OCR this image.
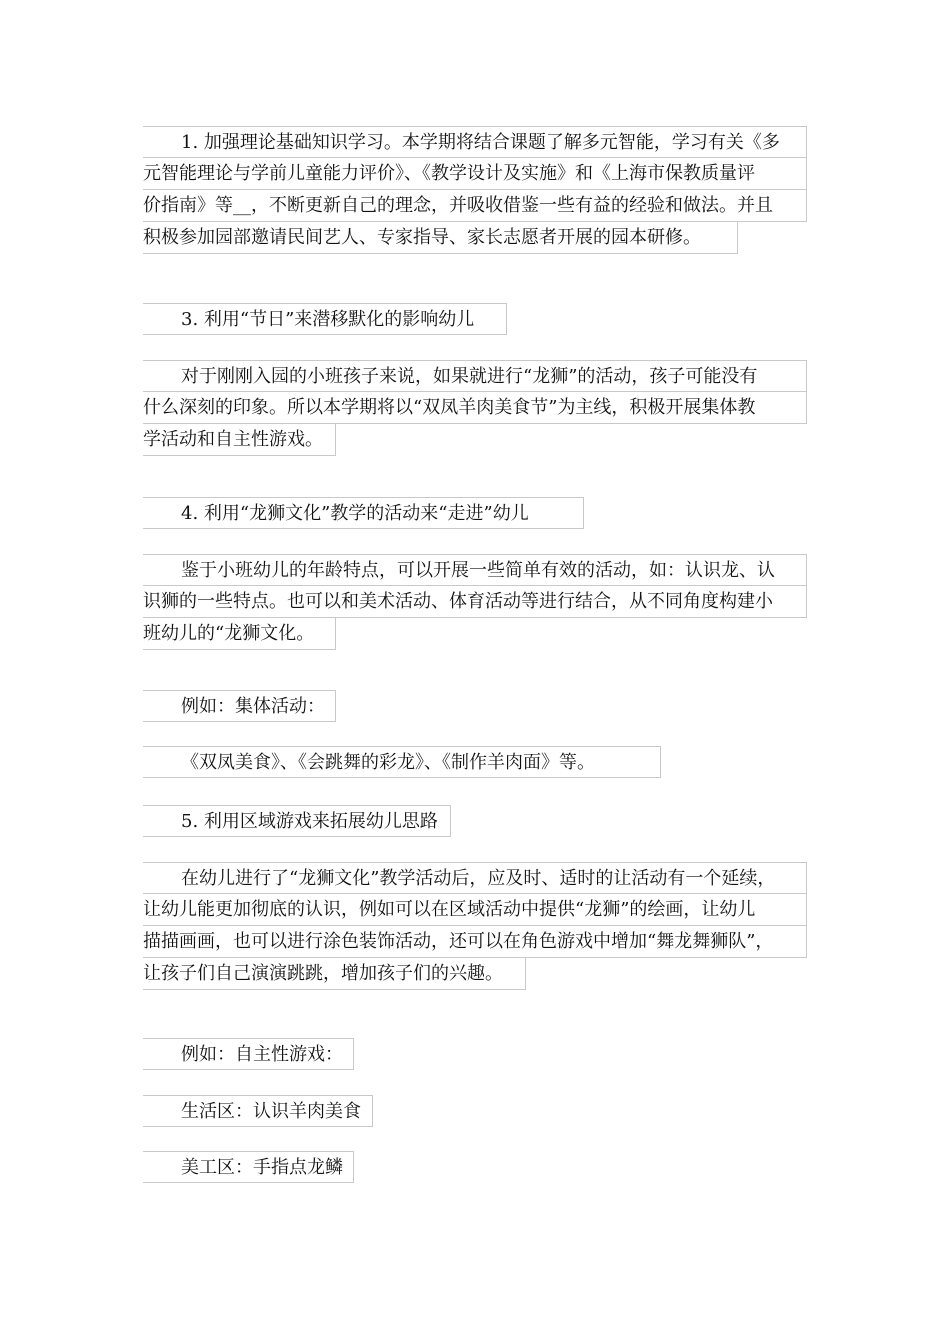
1. 加强理论基础知识学习。本学期将结合课题了解多元智能，学习有关《多
元智能理论与学前儿童能力评价》、《教学设计及实施》和《上海市保教质量评
价指南》等__，不断更新自己的理念，并吸收借鉴一些有益的经验和做法。并且
积极参加园部邀请民间艺人、专家指导、家长志愿者开展的园本研修。
3. 利用“节日”来潜移默化的影响幼儿
对于刚刚入园的小班孩子来说，如果就进行“龙狮”的活动，孩子可能没有
什么深刻的印象。所以本学期将以“双凤羊肉美食节”为主线，积极开展集体教
学活动和自主性游戏。
4. 利用“龙狮文化”教学的活动来“走进”幼儿
鉴于小班幼儿的年龄特点，可以开展一些简单有效的活动，如：认识龙、认
识狮的一些特点。也可以和美术活动、体育活动等进行结合，从不同角度构建小
班幼儿的“龙狮文化。
例如：集体活动：
《双凤美食》、《会跳舞的彩龙》、《制作羊肉面》等。
5. 利用区域游戏来拓展幼儿思路
在幼儿进行了“龙狮文化”教学活动后，应及时、适时的让活动有一个延续，
让幼儿能更加彻底的认识，例如可以在区域活动中提供“龙狮”的绘画，让幼儿
描描画画，也可以进行涂色装饰活动，还可以在角色游戏中增加“舞龙舞狮队”，
让孩子们自己演演跳跳，增加孩子们的兴趣。
例如：自主性游戏：
生活区：认识羊肉美食
美工区：手指点龙鳞
